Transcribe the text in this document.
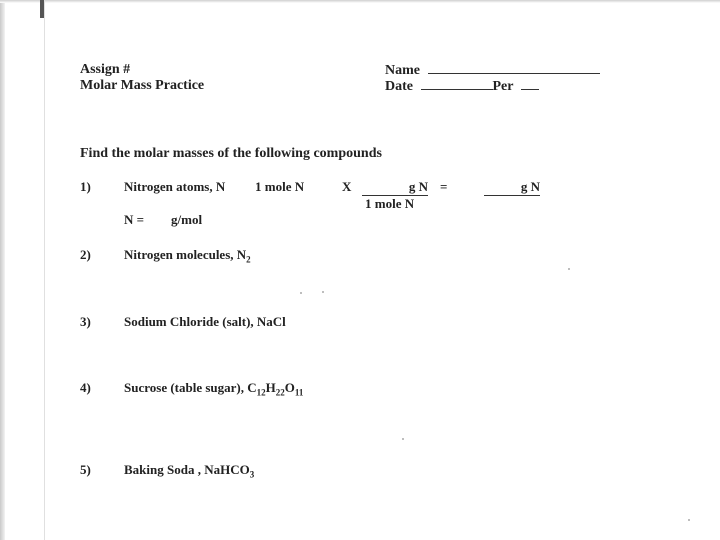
Assign #
Molar Mass Practice
Name
Date	Per
Find the molar masses of the following compounds
1)	Nitrogen atoms, N 1 mole N	X	g N
1 mole N
=	g N
N = g/mol
2)	Nitrogen molecules, $N_2$
3)	Sodium Chloride (salt), NaCl
4)	Sucrose (table sugar), $C_{12}H_{22}O_{11}$
5)	Baking Soda , NaHCO$_3$
